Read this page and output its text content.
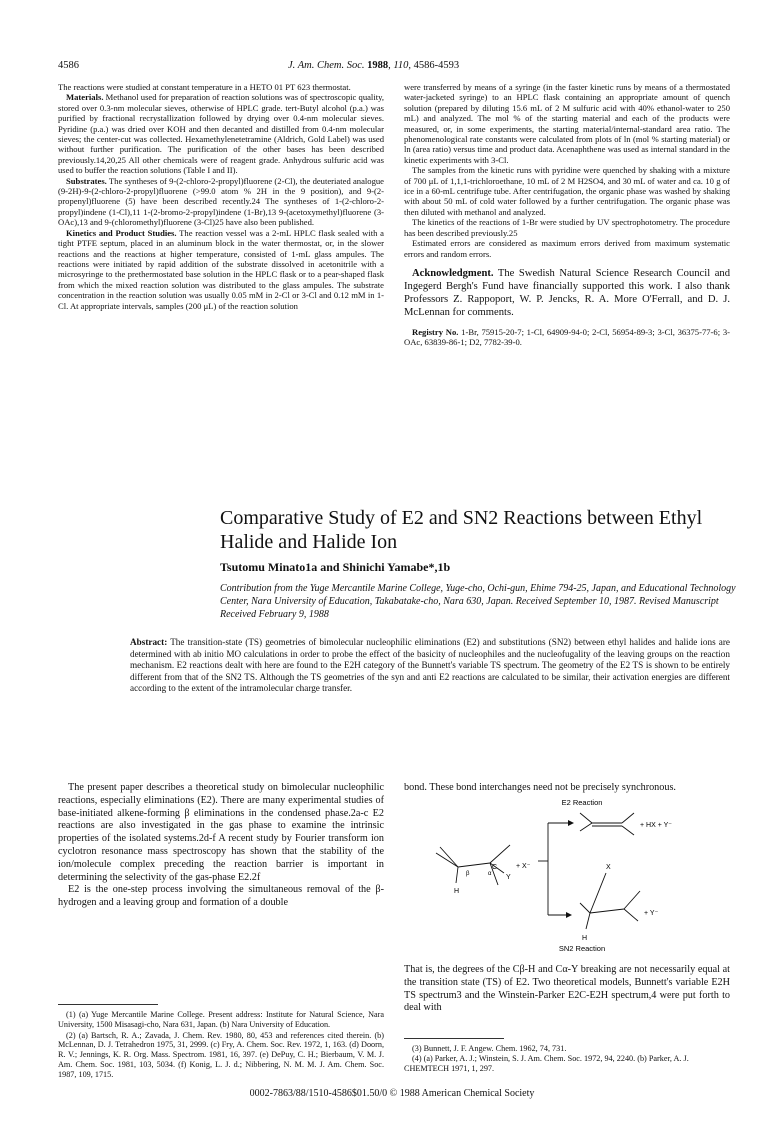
4586	J. Am. Chem. Soc. 1988, 110, 4586-4593

The reactions were studied at constant temperature in a HETO 01 PT 623 thermostat.

Materials. Methanol used for preparation of reaction solutions was of spectroscopic quality, stored over 0.3-nm molecular sieves, otherwise of HPLC grade. tert-Butyl alcohol (p.a.) was purified by fractional recrystallization followed by drying over 0.4-nm molecular sieves. Pyridine (p.a.) was dried over KOH and then decanted and distilled from 0.4-nm molecular sieves; the center-cut was collected. Hexamethylenetetramine (Aldrich, Gold Label) was used without further purification. The purification of the other bases has been described previously.14,20,25 All other chemicals were of reagent grade. Anhydrous sulfuric acid was used to buffer the reaction solutions (Table I and II).

Substrates. The syntheses of 9-(2-chloro-2-propyl)fluorene (2-Cl), the deuteriated analogue (9-2H)-9-(2-chloro-2-propyl)fluorene (>99.0 atom % 2H in the 9 position), and 9-(2-propenyl)fluorene (5) have been described recently.24 The syntheses of 1-(2-chloro-2-propyl)indene (1-Cl),11 1-(2-bromo-2-propyl)indene (1-Br),13 9-(acetoxymethyl)fluorene (3-OAc),13 and 9-(chloromethyl)fluorene (3-Cl)25 have also been published.

Kinetics and Product Studies. The reaction vessel was a 2-mL HPLC flask sealed with a tight PTFE septum, placed in an aluminum block in the water thermostat, or, in the slower reactions and the reactions at higher temperature, consisted of 1-mL glass ampules. The reactions were initiated by rapid addition of the substrate dissolved in acetonitrile with a microsyringe to the prethermostated base solution in the HPLC flask or to a pear-shaped flask from which the mixed reaction solution was distributed to the glass ampules. The substrate concentration in the reaction solution was usually 0.05 mM in 2-Cl or 3-Cl and 0.12 mM in 1-Cl. At appropriate intervals, samples (200 μL) of the reaction solution

were transferred by means of a syringe (in the faster kinetic runs by means of a thermostated water-jacketed syringe) to an HPLC flask containing an appropriate amount of quench solution (prepared by diluting 15.6 mL of 2 M sulfuric acid with 40% ethanol-water to 250 mL) and analyzed. The mol % of the starting material and each of the products were measured, or, in some experiments, the starting material/internal-standard area ratio. The phenomenological rate constants were calculated from plots of ln (mol % starting material) or ln (area ratio) versus time and product data. Acenaphthene was used as internal standard in the kinetic experiments with 3-Cl.

The samples from the kinetic runs with pyridine were quenched by shaking with a mixture of 700 μL of 1,1,1-trichloroethane, 10 mL of 2 M H2SO4, and 30 mL of water and ca. 10 g of ice in a 60-mL centrifuge tube. After centrifugation, the organic phase was washed by shaking with about 50 mL of cold water followed by a further centrifugation. The organic phase was then diluted with methanol and analyzed.

The kinetics of the reactions of 1-Br were studied by UV spectrophotometry. The procedure has been described previously.25

Estimated errors are considered as maximum errors derived from maximum systematic errors and random errors.

Acknowledgment. The Swedish Natural Science Research Council and Ingegerd Bergh's Fund have financially supported this work. I also thank Professors Z. Rappoport, W. P. Jencks, R. A. More O'Ferrall, and D. J. McLennan for comments.

Registry No. 1-Br, 75915-20-7; 1-Cl, 64909-94-0; 2-Cl, 56954-89-3; 3-Cl, 36375-77-6; 3-OAc, 63839-86-1; D2, 7782-39-0.

Comparative Study of E2 and SN2 Reactions between Ethyl Halide and Halide Ion
Tsutomu Minato1a and Shinichi Yamabe*,1b
Contribution from the Yuge Mercantile Marine College, Yuge-cho, Ochi-gun, Ehime 794-25, Japan, and Educational Technology Center, Nara University of Education, Takabatake-cho, Nara 630, Japan. Received September 10, 1987. Revised Manuscript Received February 9, 1988
Abstract: The transition-state (TS) geometries of bimolecular nucleophilic eliminations (E2) and substitutions (SN2) between ethyl halides and halide ions are determined with ab initio MO calculations in order to probe the effect of the basicity of nucleophiles and the nucleofugality of the leaving groups on the reaction mechanism. E2 reactions dealt with here are found to the E2H category of the Bunnett's variable TS spectrum. The geometry of the E2 TS is shown to be entirely different from that of the SN2 TS. Although the TS geometries of the syn and anti E2 reactions are calculated to be similar, their activation energies are different according to the extent of the intramolecular charge transfer.

The present paper describes a theoretical study on bimolecular nucleophilic reactions, especially eliminations (E2). There are many experimental studies of base-initiated alkene-forming β eliminations in the condensed phase.2a-c E2 reactions are also investigated in the gas phase to examine the intrinsic properties of the isolated systems.2d-f A recent study by Fourier transform ion cyclotron resonance mass spectroscopy has shown that the stability of the ion/molecule complex preceding the reaction barrier is important in determining the selectivity of the gas-phase E2.2f

E2 is the one-step process involving the simultaneous removal of the β-hydrogen and a leaving group and formation of a double

bond. These bond interchanges need not be precisely synchronous.
E2 Reaction
H
β
C
α Y
+ X⁻
+ HX + Y⁻
X
H
+ Y⁻
SN2 Reaction
That is, the degrees of the Cβ-H and Cα-Y breaking are not necessarily equal at the transition state (TS) of E2. Two theoretical models, Bunnett's variable E2H TS spectrum3 and the Winstein-Parker E2C-E2H spectrum,4 were put forth to deal with

(1) (a) Yuge Mercantile Marine College. Present address: Institute for Natural Science, Nara University, 1500 Misasagi-cho, Nara 631, Japan. (b) Nara University of Education.

(2) (a) Bartsch, R. A.; Zavada, J. Chem. Rev. 1980, 80, 453 and references cited therein. (b) McLennan, D. J. Tetrahedron 1975, 31, 2999. (c) Fry, A. Chem. Soc. Rev. 1972, 1, 163. (d) Doorn, R. V.; Jennings, K. R. Org. Mass. Spectrom. 1981, 16, 397. (e) DePuy, C. H.; Bierbaum, V. M. J. Am. Chem. Soc. 1981, 103, 5034. (f) Konig, L. J. d.; Nibbering, N. M. M. J. Am. Chem. Soc. 1987, 109, 1715.

(3) Bunnett, J. F. Angew. Chem. 1962, 74, 731.

(4) (a) Parker, A. J.; Winstein, S. J. Am. Chem. Soc. 1972, 94, 2240. (b) Parker, A. J. CHEMTECH 1971, 1, 297.

0002-7863/88/1510-4586$01.50/0 © 1988 American Chemical Society
